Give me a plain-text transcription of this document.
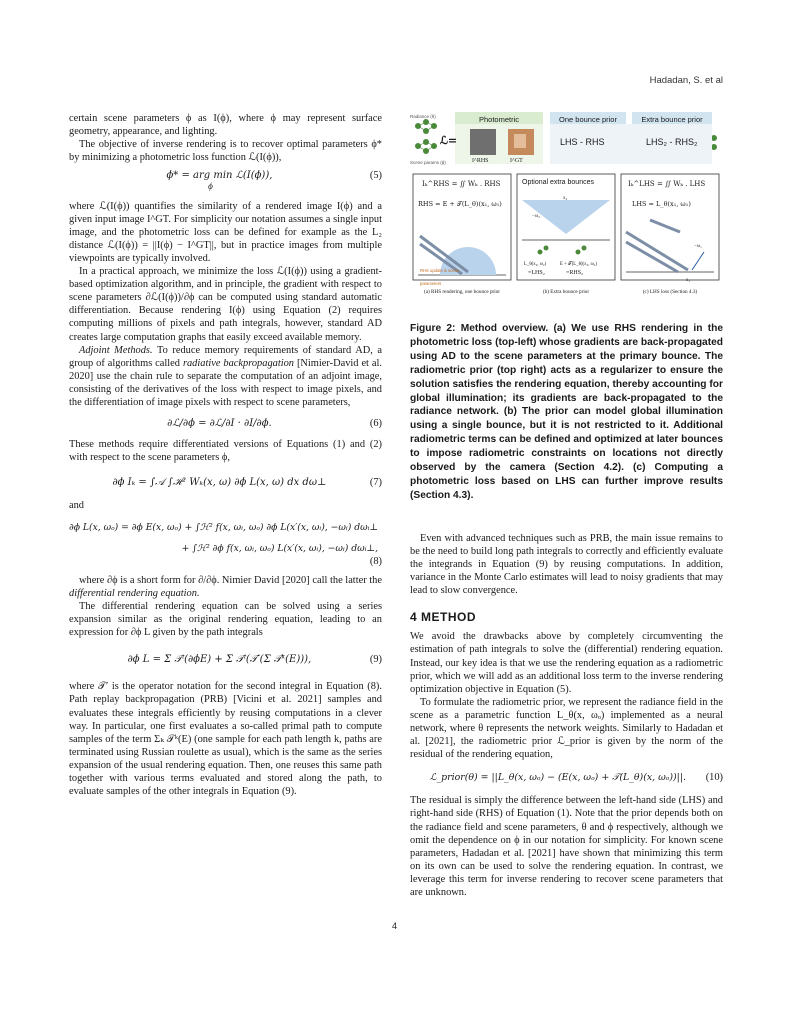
Hadadan, S. et al

certain scene parameters ϕ as I(ϕ), where ϕ may represent surface geometry, appearance, and lighting.

The objective of inverse rendering is to recover optimal parameters ϕ* by minimizing a photometric loss function ℒ(I(ϕ)),

ϕ* = arg min ℒ(I(ϕ)),	(5)
ϕ

where ℒ(I(ϕ)) quantifies the similarity of a rendered image I(ϕ) and a given input image I^GT. For simplicity our notation assumes a single input image, and the photometric loss can be defined for example as the L₂ distance ℒ(I(ϕ)) = ||I(ϕ) − I^GT||, but in practice images from multiple viewpoints are typically involved.

In a practical approach, we minimize the loss ℒ(I(ϕ)) using a gradient-based optimization algorithm, and in principle, the gradient with respect to scene parameters ∂ℒ(I(ϕ))/∂ϕ can be computed using standard automatic differentiation. Because rendering I(ϕ) using Equation (2) requires computing millions of pixels and path integrals, however, standard AD creates large computation graphs that easily exceed available memory.

Adjoint Methods. To reduce memory requirements of standard AD, a group of algorithms called radiative backpropagation [Nimier-David et al. 2020] use the chain rule to separate the computation of an adjoint image, consisting of the derivatives of the loss with respect to image pixels, and the differentiation of image pixels with respect to scene parameters,

∂ℒ/∂ϕ = ∂ℒ/∂I · ∂I/∂ϕ.	(6)

These methods require differentiated versions of Equations (1) and (2) with respect to the scene parameters ϕ,

∂ϕ Iₖ = ∫𝒜 ∫ℋ² Wₖ(x, ω) ∂ϕ L(x, ω) dx dω⊥	(7)

and

∂ϕ L(x, ωₒ) = ∂ϕ E(x, ωₒ) + ∫ℋ² f(x, ωᵢ, ωₒ) ∂ϕ L(x′(x, ωᵢ), −ωᵢ) dωᵢ⊥
+ ∫ℋ² ∂ϕ f(x, ωᵢ, ωₒ) L(x′(x, ωᵢ), −ωᵢ) dωᵢ⊥,
(8)

where ∂ϕ is a short form for ∂/∂ϕ. Nimier David [2020] call the latter the differential rendering equation.

The differential rendering equation can be solved using a series expansion similar as the original rendering equation, leading to an expression for ∂ϕ L given by the path integrals

∂ϕ L = Σ 𝒯ⁱ(∂ϕE) + Σ 𝒯ⁱ(𝒯′(Σ 𝒯ᵏ(E))),	(9)

where 𝒯′ is the operator notation for the second integral in Equation (8). Path replay backpropagation (PRB) [Vicini et al. 2021] samples and evaluates these integrals efficiently by reusing computations in a clever way. In particular, one first evaluates a so-called primal path to compute samples of the term Σₖ 𝒯ᵏ(E) (one sample for each path length k, paths are terminated using Russian roulette as usual), which is the same as the series expansion of the usual rendering equation. Then, one reuses this same path together with various terms evaluated and stored along the path, to evaluate samples of the other integrals in Equation (9).

Radiance (θ)
Scene params (ϕ)
Photometric	One bounce prior	Extra bounce prior
ℒ=	LHS - RHS	LHS₂ - RHS₂
I^RHS	I^GT
Iₖ^RHS = ∬ Wₖ . RHS
RHS = E + 𝒯(L_θ)(x₁, ω₁)
RHS update is scene parameters
Optional extra bounces
x₂
−ω₂
L_θ(x₂, ω₂)	E + 𝒯(L_θ)(x₂, ω₂)
=LHS₂	=RHS₂
Iₖ^LHS = ∬ Wₖ . LHS
LHS = L_θ(x₁, ω₁)
−ω₁
x₁
(a) RHS rendering, one bounce prior	(b) Extra bounce prior	(c) LHS loss (Section 4.3)

Figure 2: Method overview. (a) We use RHS rendering in the photometric loss (top-left) whose gradients are back-propagated using AD to the scene parameters at the primary bounce. The radiometric prior (top right) acts as a regularizer to ensure the solution satisfies the rendering equation, thereby accounting for global illumination; its gradients are back-propagated to the radiance network. (b) The prior can model global illumination using a single bounce, but it is not restricted to it. Additional radiometric terms can be defined and optimized at later bounces to impose radiometric constraints on locations not directly observed by the camera (Section 4.2). (c) Computing a photometric loss based on LHS can further improve results (Section 4.3).

Even with advanced techniques such as PRB, the main issue remains to be the need to build long path integrals to correctly and efficiently evaluate the integrands in Equation (9) by reusing computations. In addition, variance in the Monte Carlo estimates will lead to noisy gradients that may lead to slow convergence.

4 METHOD

We avoid the drawbacks above by completely circumventing the estimation of path integrals to solve the (differential) rendering equation. Instead, our key idea is that we use the rendering equation as a radiometric prior, which we will add as an additional loss term to the inverse rendering optimization objective in Equation (5).

To formulate the radiometric prior, we represent the radiance field in the scene as a parametric function L_θ(x, ωₒ) implemented as a neural network, where θ represents the network weights. Similarly to Hadadan et al. [2021], the radiometric prior ℒ_prior is given by the norm of the residual of the rendering equation,

ℒ_prior(θ) = ||L_θ(x, ωₒ) − (E(x, ωₒ) + 𝒯(L_θ)(x, ωₒ))||.	(10)

The residual is simply the difference between the left-hand side (LHS) and right-hand side (RHS) of Equation (1). Note that the prior depends both on the radiance field and scene parameters, θ and ϕ respectively, although we omit the dependence on ϕ in our notation for simplicity. For known scene parameters, Hadadan et al. [2021] have shown that minimizing this term on its own can be used to solve the rendering equation. In contrast, we leverage this term for inverse rendering to recover scene parameters that are unknown.

4
